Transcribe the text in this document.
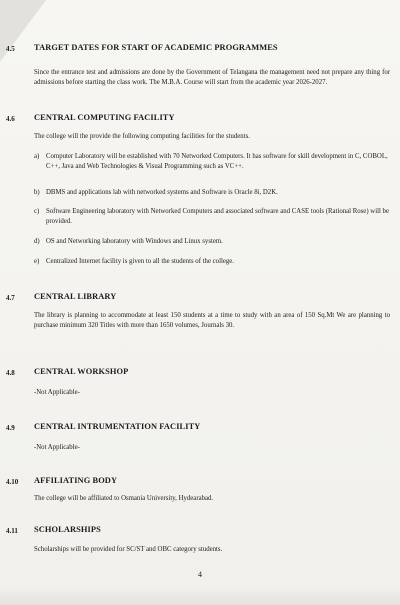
4.5 TARGET DATES FOR START OF ACADEMIC PROGRAMMES
Since the entrance test and admissions are done by the Government of Telangana the management need not prepare any thing for admissions before starting the class work. The M.B.A. Course will start from the academic year 2026-2027.
4.6 CENTRAL COMPUTING FACILITY
The college will the provide the following computing facilities for the students.
a) Computer Laboratory will be established with 70 Networked Computers. It has software for skill development in C, COBOL, C++, Java and Web Technologies & Visual Programming such as VC++.
b) DBMS and applications lab with networked systems and Software is Oracle 8i, D2K.
c) Software Engineering laboratory with Networked Computers and associated software and CASE tools (Rational Rose) will be provided.
d) OS and Networking laboratory with Windows and Linux system.
e) Centralized Internet facility is given to all the students of the college.
4.7 CENTRAL LIBRARY
The library is planning to accommodate at least 150 students at a time to study with an area of 150 Sq.Mt We are planning to purchase minimum 320 Titles with more than 1650 volumes, Journals 30.
4.8 CENTRAL WORKSHOP
-Not Applicable-
4.9 CENTRAL INTRUMENTATION FACILITY
-Not Applicable-
4.10 AFFILIATING BODY
The college will be affiliated to Osmania University, Hydearabad.
4.11 SCHOLARSHIPS
Scholarships will be provided for SC/ST and OBC category students.
4
